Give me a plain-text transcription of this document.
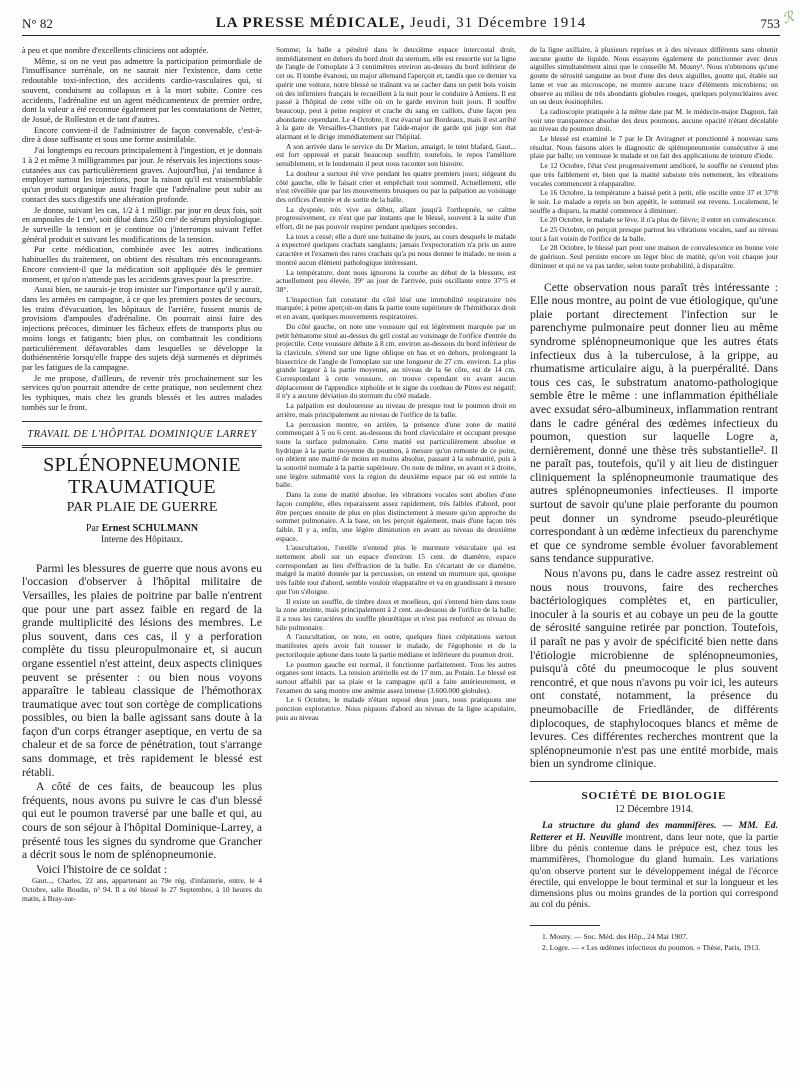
N° 82	LA PRESSE MÉDICALE, Jeudi, 31 Décembre 1914	753 ℛ

à peu et que nombre d'excellents cliniciens ont adoptée.

Même, si on ne veut pas admettre la participation primordiale de l'insuffisance surrénale, on ne saurait nier l'existence, dans cette redoutable toxi-infection, des accidents cardio-vasculaires qui, si souvent, conduisent au collapsus et à la mort subite. Contre ces accidents, l'adrénaline est un agent médicamenteux de premier ordre, dont la valeur a été reconnue également par les constatations de Netter, de Josué, de Rolleston et de tant d'autres.

Encore convient-il de l'administrer de façon convenable, c'est-à-dire à dose suffisante et sous une forme assimilable.

J'ai longtemps eu recours principalement à l'ingestion, et je donnais 1 à 2 et même 3 milligrammes par jour. Je réservais les injections sous-cutanées aux cas particulièrement graves. Aujourd'hui, j'ai tendance à employer surtout les injections, pour la raison qu'il est vraisemblable qu'un produit organique aussi fragile que l'adrénaline peut subir au contact des sucs digestifs une altération profonde.

Je donne, suivant les cas, 1/2 à 1 milligr. par jour en deux fois, soit en ampoules de 1 cm³, soit dilué dans 250 cm³ de sérum physiologique. Je surveille la tension et je continue ou j'interromps suivant l'effet général produit et suivant les modifications de la tension.

Par cette médication, combinée avec les autres indications habituelles du traitement, on obtient des résultats très encourageants. Encore convient-il que la médication soit appliquée dès le premier moment, et qu'on n'attende pas les accidents graves pour la prescrire.

Aussi bien, ne saurais-je trop insister sur l'importance qu'il y aurait, dans les armées en campagne, à ce que les premiers postes de secours, les trains d'évacuation, les hôpitaux de l'arrière, fussent munis de provisions d'ampoules d'adrénaline. On pourrait ainsi faire des injections précoces, diminuer les fâcheux effets de transports plus ou moins longs et fatigants; bien plus, on combattrait les conditions particulièrement défavorables dans lesquelles se développe la dothiénentérie lorsqu'elle frappe des sujets déjà surmenés et déprimés par les fatigues de la campagne.

Je me propose, d'ailleurs, de revenir très prochainement sur les services qu'on pourrait attendre de cette pratique, non seulement chez les typhiques, mais chez les grands blessés et les autres malades tombés sur le front.

TRAVAIL DE L'HÔPITAL DOMINIQUE LARREY
SPLÉNOPNEUMONIE TRAUMATIQUE
PAR PLAIE DE GUERRE
Par Ernest SCHULMANN
Interne des Hôpitaux.

Parmi les blessures de guerre que nous avons eu l'occasion d'observer à l'hôpital militaire de Versailles, les plaies de poitrine par balle n'entrent que pour une part assez faible en regard de la grande multiplicité des lésions des membres. Le plus souvent, dans ces cas, il y a perforation complète du tissu pleuropulmonaire et, si aucun organe essentiel n'est atteint, deux aspects cliniques peuvent se présenter : ou bien nous voyons apparaître le tableau classique de l'hémothorax traumatique avec tout son cortège de complications possibles, ou bien la balle agissant sans doute à la façon d'un corps étranger aseptique, en vertu de sa chaleur et de sa force de pénétration, tout s'arrange sans dommage, et très rapidement le blessé est rétabli.

A côté de ces faits, de beaucoup les plus fréquents, nous avons pu suivre le cas d'un blessé qui eut le poumon traversé par une balle et qui, au cours de son séjour à l'hôpital Dominique-Larrey, a présenté tous les signes du syndrome que Grancher a décrit sous le nom de splénopneumonie.

Voici l'histoire de ce soldat :

Gaut..., Charles, 22 ans, appartenant au 79e rég. d'infanterie, entre, le 4 Octobre, salle Boudin, n° 94. Il a été blessé le 27 Septembre, à 10 heures du matin, à Bray-sur-

Somme; la balle a pénétré dans le deuxième espace intercostal droit, immédiatement en dehors du bord droit du sternum, elle est ressortie sur la ligne de l'angle de l'omoplate à 3 centimètres environ au-dessus du bord inférieur de cet os. Il tombe évanoui, un major allemand l'aperçoit et, tandis que ce dernier va quérir une voiture, notre blessé se traînant va se cacher dans un petit bois voisin où des infirmiers français le recueillent à la nuit pour le conduire à Amiens. Il est passé à l'hôpital de cette ville où on le garde environ huit jours. Il souffre beaucoup, peut à peine respirer et crache du sang en caillots, d'une façon peu abondante cependant. Le 4 Octobre, il est évacué sur Bordeaux, mais il est arrêté à la gare de Versailles-Chantiers par l'aide-major de garde qui juge son état alarmant et le dirige immédiatement sur l'hôpital.

A son arrivée dans le service du Dr Marion, amaigri, le teint blafard, Gaut... est fort oppressé et parait beaucoup souffrir; toutefois, le repos l'améliore sensiblement, et le lendemain il peut nous raconter son histoire.

La douleur a surtout été vive pendant les quatre premiers jours; siégeant du côté gauche, elle le faisait crier et empêchait tout sommeil. Actuellement, elle n'est réveillée que par les mouvements brusques ou par la palpation au voisinage des orifices d'entrée et de sortie de la balle.

La dyspnée, très vive au début, allant jusqu'à l'orthopnée, se calme progressivement, ce n'est que par instants que le blessé, souvent à la suite d'un effort, dit ne pas pouvoir respirer pendant quelques secondes.

La toux a cessé; elle a duré une huitaine de jours, au cours desquels le malade a expectoré quelques crachats sanglants; jamais l'expectoration n'a pris un autre caractère et l'examen des rares crachats qu'a pu nous donner le malade, ne nous a montré aucun élément pathologique intéressant.

La température, dont nous ignorons la courbe au début de la blessure, est actuellement peu élevée, 39° au jour de l'arrivée, puis oscillante entre 37°5 et 38°.

L'inspection fait constater du côté lésé une immobilité respiratoire très marquée; à peine aperçoit-on dans la partie toute supérieure de l'hémithorax droit et en avant, quelques mouvements respiratoires.

Du côté gauche, on note une voussure qui est légèrement marquée par un petit hématome situé au-dessus du gril costal au voisinage de l'orifice d'entrée du projectile. Cette voussure débute à 8 cm. environ au-dessous du bord inférieur de la clavicule, s'étend sur une ligne oblique en bas et en dehors, prolongeant la bissectrice de l'angle de l'omoplate sur une longueur de 27 cm. environ. La plus grande largeur à la partie moyenne, au niveau de la 6e côte, est de 14 cm. Correspondant à cette voussure, on trouve cependant en avant aucun déplacement de l'appendice xiphoïde et le signe du cordeau de Pitres est négatif; il n'y a aucune déviation du sternum du côté malade.

La palpation est douloureuse au niveau de presque tout le poumon droit en arrière, mais principalement au niveau de l'orifice de la balle.

La percussion montre, en arrière, la présence d'une zone de matité commençant à 5 ou 6 cent. au-dessous du bord claviculaire et occupant presque toute la surface pulmonaire. Cette matité est particulièrement absolue et hydrique à la partie moyenne du poumon, à mesure qu'on remonte de ce point, on obtient une matité de moins en moins absolue, passant à la submatité, puis à la sonorité normale à la partie supérieure. On note de même, en avant et à droite, une légère submatité vers la région du deuxième espace par où est entrée la balle.

Dans la zone de matité absolue, les vibrations vocales sont abolies d'une façon complète, elles reparaissent assez rapidement, très faibles d'abord, pour être perçues ensuite de plus en plus distinctement à mesure qu'on approche du sommet pulmonaire. A la base, on les perçoit également, mais d'une façon très faible. Il y a, enfin, une légère diminution en avant au niveau du deuxième espace.

L'auscultation, l'oreille n'entend plus le murmure vésiculaire qui est nettement aboli sur un espace d'environ 15 cent. de diamètre, espace correspondant au lieu d'effraction de la balle. En s'écartant de ce diamètre, malgré la matité donnée par la percussion, on entend un murmure qui, quoique très faible tout d'abord, semble vouloir réapparaître et va en grandissant à mesure que l'on s'éloigne.

Il existe un souffle, de timbre doux et moelleux, qui s'entend bien dans toute la zone atteinte, mais principalement à 2 cent. au-dessous de l'orifice de la balle; il a tous les caractères du souffle pleurétique et n'est pas renforcé au niveau du hile pulmonaire.

A l'auscultation, on note, en outre, quelques fines crépitations surtout manifestes après avoir fait tousser le malade, de l'égophonie et de la pectoriloquie aphone dans toute la partie médiane et inférieure du poumon droit.

Le poumon gauche est normal, il fonctionne parfaitement. Tous les autres organes sont intacts. La tension artérielle est de 17 mm. au Potain. Le blessé est surtout affaibli par sa plaie et la campagne qu'il a faite antérieurement, et l'examen du sang montre une anémie assez intense (3.600.000 globules).

Le 6 Octobre, le malade n'étant reposé deux jours, nous pratiquons une ponction exploratrice. Nous piquons d'abord au niveau de la ligne scapulaire, puis au niveau

de la ligne axillaire, à plusieurs reprises et à des niveaux différents sans obtenir aucune goutte de liquide. Nous essayons également de ponctionner avec deux aiguilles simultanément ainsi que le conseille M. Mosny¹. Nous n'obtenons qu'une goutte de sérosité sanguine au bout d'une des deux aiguilles, goutte qui, étalée sur lame et vue au microscope, ne montre aucune trace d'éléments microbiens; on observe au milieu de très abondants globules rouges, quelques polynucléaires avec un ou deux éosinophiles.

La radioscopie pratiquée à la même date par M. le médecin-major Dagnon, fait voir une transparence absolue des deux poumons, aucune opacité n'étant décelable au niveau du poumon droit.

Le blessé est examiné le 7 par le Dr Aviragnet et ponctionné à nouveau sans résultat. Nous faisons alors le diagnostic de splénopneumonie consécutive à une plaie par balle; on ventouse le malade et on fait des applications de teinture d'iode.

Le 12 Octobre, l'état s'est progressivement amélioré, le souffle ne s'entend plus que très faiblement et, bien que la matité subsiste très nettement, les vibrations vocales commencent à réapparaître.

Le 16 Octobre, la température a baissé petit à petit, elle oscille entre 37 et 37°8 le soir. Le malade a repris un bon appétit, le sommeil est revenu. Localement, le souffle a disparu, la matité commence à diminuer.

Le 20 Octobre, le malade se lève, il n'a plus de fièvre; il entre en convalescence.

Le 25 Octobre, on perçoit presque partout les vibrations vocales, sauf au niveau tout à fait voisin de l'orifice de la balle.

Le 28 Octobre, le blessé part pour une maison de convalescence en bonne voie de guérison. Seul persiste encore un léger bloc de matité, qu'on voit chaque jour diminuer et qui ne va pas tarder, selon toute probabilité, à disparaître.

Cette observation nous paraît très intéressante : Elle nous montre, au point de vue étiologique, qu'une plaie portant directement l'infection sur le parenchyme pulmonaire peut donner lieu au même syndrome splénopneumonique que les autres états infectieux dus à la tuberculose, à la grippe, au rhumatisme articulaire aigu, à la puerpéralité. Dans tous ces cas, le substratum anatomo-pathologique semble être le même : une inflammation épithéliale avec exsudat séro-albumineux, inflammation rentrant dans le cadre général des œdèmes infectieux du poumon, question sur laquelle Logre a, dernièrement, donné une thèse très substantielle². Il ne paraît pas, toutefois, qu'il y ait lieu de distinguer cliniquement la splénopneumonie traumatique des autres splénopneumonies infectieuses. Il importe surtout de savoir qu'une plaie perforante du poumon peut donner un syndrome pseudo-pleurétique correspondant à un œdème infectieux du parenchyme et que ce syndrome semble évoluer favorablement sans tendance suppurative.

Nous n'avons pu, dans le cadre assez restreint où nous nous trouvons, faire des recherches bactériologiques complètes et, en particulier, inoculer à la souris et au cobaye un peu de la goutte de sérosité sanguine retirée par ponction. Toutefois, il paraît ne pas y avoir de spécificité bien nette dans l'étiologie microbienne de splénopneumonies, puisqu'à côté du pneumocoque le plus souvent rencontré, et que nous n'avons pu voir ici, les auteurs ont constaté, notamment, la présence du pneumobacille de Friedländer, de différents diplocoques, de staphylocoques blancs et même de levures. Ces différentes recherches montrent que la splénopneumonie n'est pas une entité morbide, mais bien un syndrome clinique.

SOCIÉTÉ DE BIOLOGIE
12 Décembre 1914.

La structure du gland des mammifères. — MM. Ed. Retterer et H. Neuville montrent, dans leur note, que la partie libre du pénis contenue dans le prépuce est, chez tous les mammifères, l'homologue du gland humain. Les variations qu'on observe portent sur le développement inégal de l'écorce érectile, qui enveloppe le bout terminal et sur la longueur et les dimensions plus ou moins grandes de la portion qui correspond au col du pénis.

1. Mosny. — Soc. Méd. des Hôp., 24 Mai 1907.

2. Logre. — « Les œdèmes infectieux du poumon. » Thèse, Paris, 1913.
